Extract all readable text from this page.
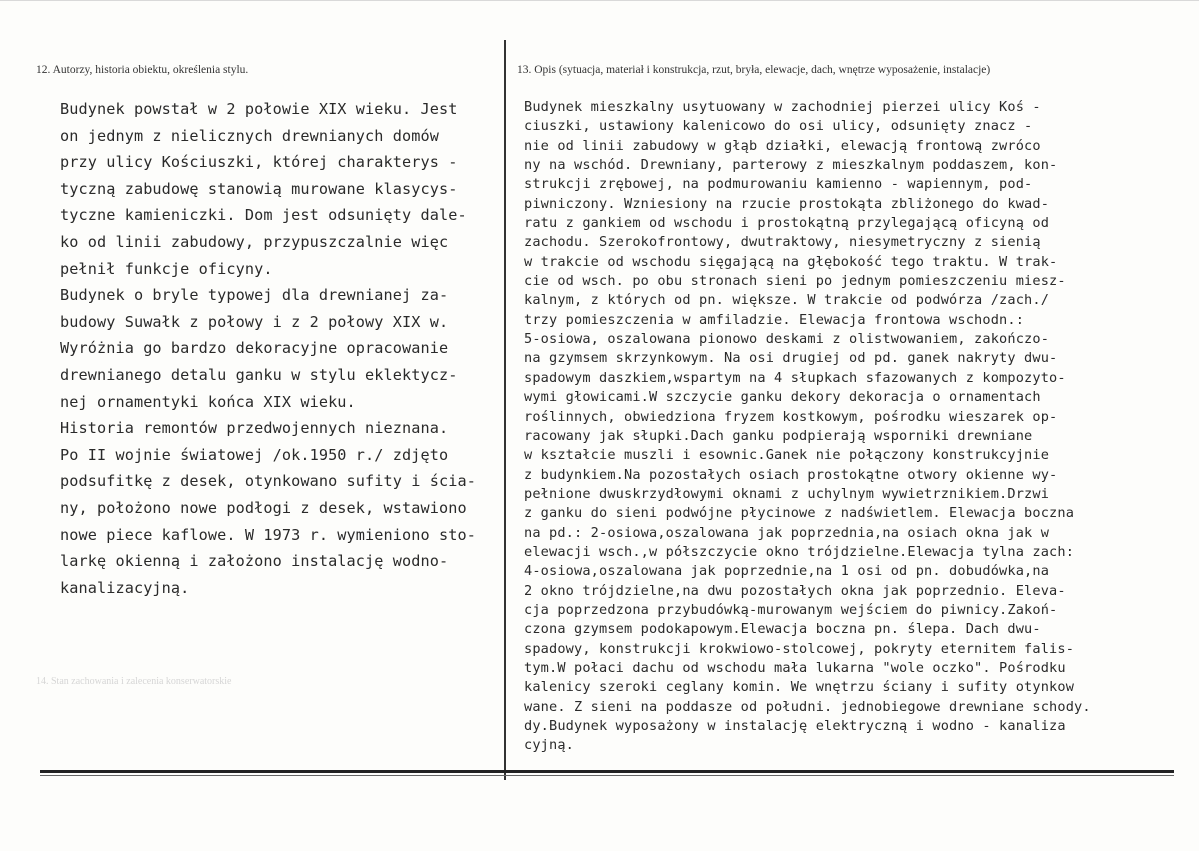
12. Autorzy, historia obiektu, określenia stylu.	13. Opis (sytuacja, materiał i konstrukcja, rzut, bryła, elewacje, dach, wnętrze wyposażenie, instalacje)
Budynek powstał w 2 połowie XIX wieku. Jest
on jednym z nielicznych drewnianych domów
przy ulicy Kościuszki, której charakterys -
tyczną zabudowę stanowią murowane klasycys-
tyczne kamieniczki. Dom jest odsunięty dale-
ko od linii zabudowy, przypuszczalnie więc
pełnił funkcje oficyny.
Budynek o bryle typowej dla drewnianej za-
budowy Suwałk z połowy i z 2 połowy XIX w.
Wyróżnia go bardzo dekoracyjne opracowanie
drewnianego detalu ganku w stylu eklektycz-
nej ornamentyki końca XIX wieku.
Historia remontów przedwojennych nieznana.
Po II wojnie światowej /ok.1950 r./ zdjęto
podsufitkę z desek, otynkowano sufity i ścia-
ny, położono nowe podłogi z desek, wstawiono
nowe piece kaflowe. W 1973 r. wymieniono sto-
larkę okienną i założono instalację wodno-
kanalizacyjną.
Budynek mieszkalny usytuowany w zachodniej pierzei ulicy Koś -
ciuszki, ustawiony kalenicowo do osi ulicy, odsunięty znacz -
nie od linii zabudowy w głąb działki, elewacją frontową zwróco
ny na wschód. Drewniany, parterowy z mieszkalnym poddaszem, kon-
strukcji zrębowej, na podmurowaniu kamienno - wapiennym, pod-
piwniczony. Wzniesiony na rzucie prostokąta zbliżonego do kwad-
ratu z gankiem od wschodu i prostokątną przylegającą oficyną od
zachodu. Szerokofrontowy, dwutraktowy, niesymetryczny z sienią
w trakcie od wschodu sięgającą na głębokość tego traktu. W trak-
cie od wsch. po obu stronach sieni po jednym pomieszczeniu miesz-
kalnym, z których od pn. większe. W trakcie od podwórza /zach./
trzy pomieszczenia w amfiladzie. Elewacja frontowa wschodn.:
5-osiowa, oszalowana pionowo deskami z olistwowaniem, zakończo-
na gzymsem skrzynkowym. Na osi drugiej od pd. ganek nakryty dwu-
spadowym daszkiem,wspartym na 4 słupkach sfazowanych z kompozyto-
wymi głowicami.W szczycie ganku dekory dekoracja o ornamentach
roślinnych, obwiedziona fryzem kostkowym, pośrodku wieszarek op-
racowany jak słupki.Dach ganku podpierają wsporniki drewniane
w kształcie muszli i esownic.Ganek nie połączony konstrukcyjnie
z budynkiem.Na pozostałych osiach prostokątne otwory okienne wy-
pełnione dwuskrzydłowymi oknami z uchylnym wywietrznikiem.Drzwi
z ganku do sieni podwójne płycinowe z nadświetlem. Elewacja boczna
na pd.: 2-osiowa,oszalowana jak poprzednia,na osiach okna jak w
elewacji wsch.,w półszczycie okno trójdzielne.Elewacja tylna zach:
4-osiowa,oszalowana jak poprzednie,na 1 osi od pn. dobudówka,na
2 okno trójdzielne,na dwu pozostałych okna jak poprzednio. Eleva-
cja poprzedzona przybudówką-murowanym wejściem do piwnicy.Zakoń-
czona gzymsem podokapowym.Elewacja boczna pn. ślepa. Dach dwu-
spadowy, konstrukcji krokwiowo-stolcowej, pokryty eternitem falis-
tym.W połaci dachu od wschodu mała lukarna "wole oczko". Pośrodku
kalenicy szeroki ceglany komin. We wnętrzu ściany i sufity otynkow
wane. Z sieni na poddasze od południ. jednobiegowe drewniane schody.
dy.Budynek wyposażony w instalację elektryczną i wodno - kanaliza
cyjną.
14. Stan zachowania i zalecenia konserwatorskie
